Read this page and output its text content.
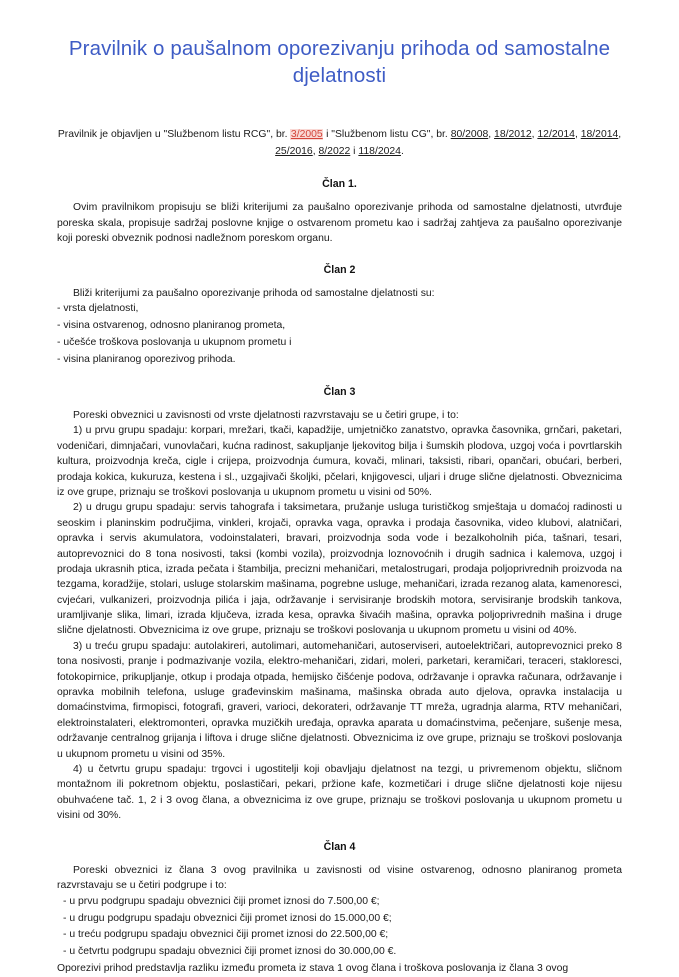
Pravilnik o paušalnom oporezivanju prihoda od samostalne djelatnosti

Pravilnik je objavljen u "Službenom listu RCG", br. 3/2005 i "Službenom listu CG", br. 80/2008, 18/2012, 12/2014, 18/2014, 25/2016, 8/2022 i 118/2024.

Član 1.

Ovim pravilnikom propisuju se bliži kriterijumi za paušalno oporezivanje prihoda od samostalne djelatnosti, utvrđuje poreska skala, propisuje sadržaj poslovne knjige o ostvarenom prometu kao i sadržaj zahtjeva za paušalno oporezivanje koji poreski obveznik podnosi nadležnom poreskom organu.

Član 2

Bliži kriterijumi za paušalno oporezivanje prihoda od samostalne djelatnosti su:

- vrsta djelatnosti,
- visina ostvarenog, odnosno planiranog prometa,
- učešće troškova poslovanja u ukupnom prometu i
- visina planiranog oporezivog prihoda.
Član 3

Poreski obveznici u zavisnosti od vrste djelatnosti razvrstavaju se u četiri grupe, i to:

1) u prvu grupu spadaju: korpari, mrežari, tkači, kapadžije, umjetničko zanatstvo, opravka časovnika, grnčari, paketari, vodeničari, dimnjačari, vunovlačari, kućna radinost, sakupljanje ljekovitog bilja i šumskih plodova, uzgoj voća i povrtlarskih kultura, proizvodnja kreča, cigle i crijepa, proizvodnja ćumura, kovači, mlinari, taksisti, ribari, opančari, obućari, berberi, prodaja kokica, kukuruza, kestena i sl., uzgajivači školjki, pčelari, knjigovesci, uljari i druge slične djelatnosti. Obveznicima iz ove grupe, priznaju se troškovi poslovanja u ukupnom prometu u visini od 50%.

2) u drugu grupu spadaju: servis tahografa i taksimetara, pružanje usluga turističkog smještaja u domaćoj radinosti u seoskim i planinskim područjima, vinkleri, krojači, opravka vaga, opravka i prodaja časovnika, video klubovi, alatničari, opravka i servis akumulatora, vodoinstalateri, bravari, proizvodnja soda vode i bezalkoholnih pića, tašnari, tesari, autoprevoznici do 8 tona nosivosti, taksi (kombi vozila), proizvodnja loznovoćnih i drugih sadnica i kalemova, uzgoj i prodaja ukrasnih ptica, izrada pečata i štambilja, precizni mehaničari, metalostrugari, prodaja poljoprivrednih proizvoda na tezgama, koradžije, stolari, usluge stolarskim mašinama, pogrebne usluge, mehaničari, izrada rezanog alata, kamenoresci, cvjećari, vulkanizeri, proizvodnja pilića i jaja, održavanje i servisiranje brodskih motora, servisiranje brodskih tankova, uramljivanje slika, limari, izrada ključeva, izrada kesa, opravka šivaćih mašina, opravka poljoprivrednih mašina i druge slične djelatnosti. Obveznicima iz ove grupe, priznaju se troškovi poslovanja u ukupnom prometu u visini od 40%.

3) u treću grupu spadaju: autolakireri, autolimari, automehaničari, autoserviseri, autoelektričari, autoprevoznici preko 8 tona nosivosti, pranje i podmazivanje vozila, elektro-mehaničari, zidari, moleri, parketari, keramičari, teraceri, stakloresci, fotokopirnice, prikupljanje, otkup i prodaja otpada, hemijsko čišćenje podova, održavanje i opravka računara, održavanje i opravka mobilnih telefona, usluge građevinskim mašinama, mašinska obrada auto djelova, opravka instalacija u domaćinstvima, firmopisci, fotografi, graveri, varioci, dekorateri, održavanje TT mreža, ugradnja alarma, RTV mehaničari, elektroinstalateri, elektromonteri, opravka muzičkih uređaja, opravka aparata u domaćinstvima, pečenjare, sušenje mesa, održavanje centralnog grijanja i liftova i druge slične djelatnosti. Obveznicima iz ove grupe, priznaju se troškovi poslovanja u ukupnom prometu u visini od 35%.

4) u četvrtu grupu spadaju: trgovci i ugostitelji koji obavljaju djelatnost na tezgi, u privremenom objektu, sličnom montažnom ili pokretnom objektu, poslastičari, pekari, pržione kafe, kozmetičari i druge slične djelatnosti koje nijesu obuhvaćene tač. 1, 2 i 3 ovog člana, a obveznicima iz ove grupe, priznaju se troškovi poslovanja u ukupnom prometu u visini od 30%.

Član 4

Poreski obveznici iz člana 3 ovog pravilnika u zavisnosti od visine ostvarenog, odnosno planiranog prometa razvrstavaju se u četiri podgrupe i to:

- u prvu podgrupu spadaju obveznici čiji promet iznosi do 7.500,00 €;
- u drugu podgrupu spadaju obveznici čiji promet iznosi do 15.000,00 €;
- u treću podgrupu spadaju obveznici čiji promet iznosi do 22.500,00 €;
- u četvrtu podgrupu spadaju obveznici čiji promet iznosi do 30.000,00 €.

Oporezivi prihod predstavlja razliku između prometa iz stava 1 ovog člana i troškova poslovanja iz člana 3 ovog
